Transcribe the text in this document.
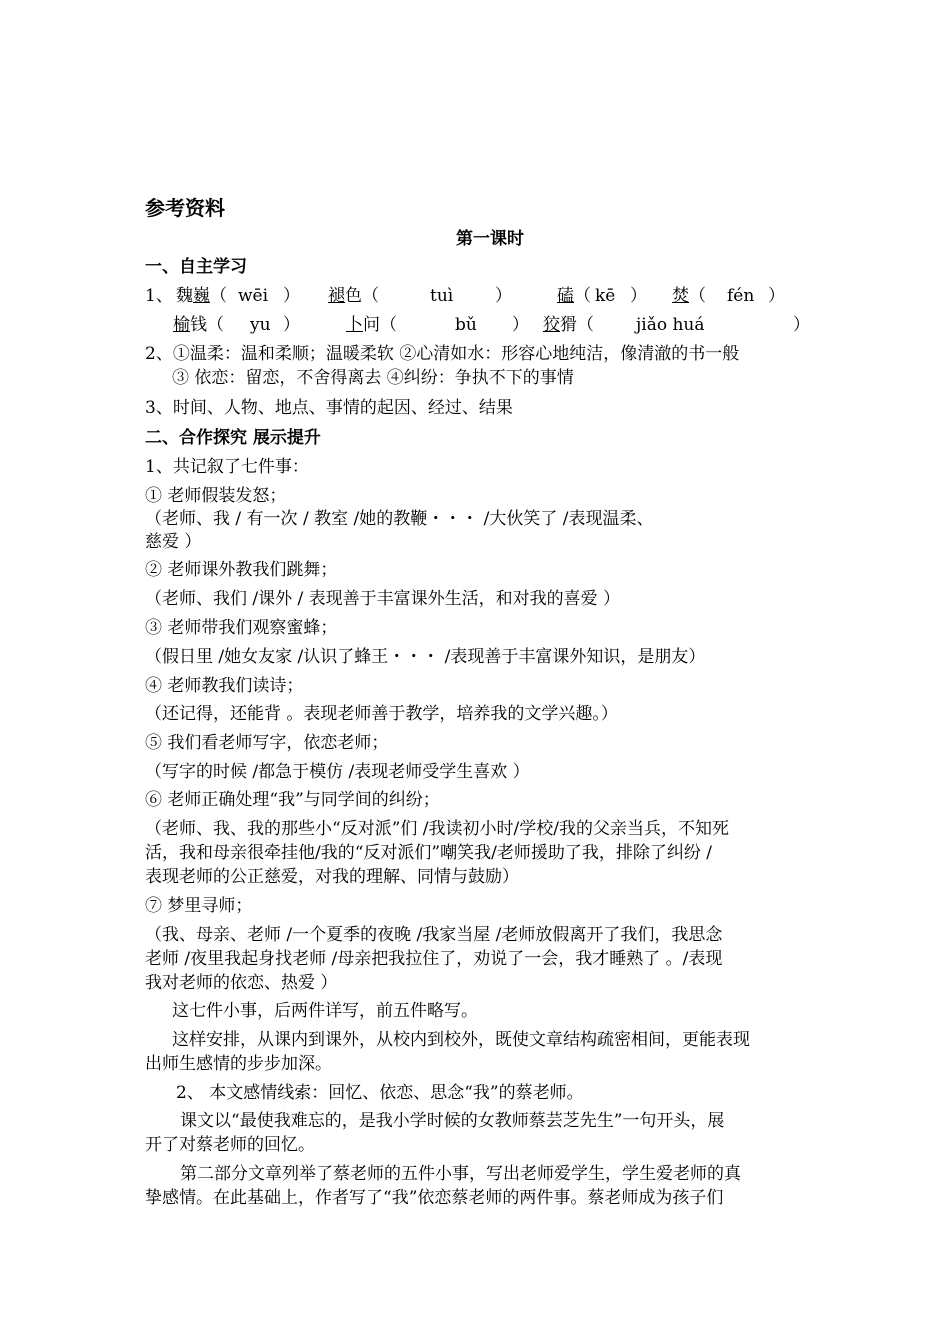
参考资料
第一课时
一、自主学习
1、 魏巍（ wēi ） 褪色（	tuì ）	磕（ kē ） 焚（ fén ）
榆钱（ yu ）	卜问（	bǔ ） 狡猾（ jiǎo huá	）
2、①温柔：温和柔顺；温暖柔软 ②心清如水：形容心地纯洁，像清澈的书一般
③ 依恋：留恋，不舍得离去 ④纠纷：争执不下的事情
3、时间、人物、地点、事情的起因、经过、结果
二、合作探究 展示提升
1、共记叙了七件事：
① 老师假装发怒；
（老师、我 / 有一次 / 教室 /她的教鞭・・・ /大伙笑了 /表现温柔、
慈爱 ）
② 老师课外教我们跳舞；
（老师、我们 /课外 / 表现善于丰富课外生活，和对我的喜爱 ）
③ 老师带我们观察蜜蜂；
（假日里 /她女友家 /认识了蜂王・・・ /表现善于丰富课外知识，是朋友）
④ 老师教我们读诗；
（还记得，还能背 。表现老师善于教学，培养我的文学兴趣。）
⑤ 我们看老师写字，依恋老师；
（写字的时候 /都急于模仿 /表现老师受学生喜欢 ）
⑥ 老师正确处理“我”与同学间的纠纷；
（老师、我、我的那些小“反对派”们 /我读初小时/学校/我的父亲当兵，不知死
活，我和母亲很牵挂他/我的“反对派们”嘲笑我/老师援助了我，排除了纠纷 /
表现老师的公正慈爱，对我的理解、同情与鼓励）
⑦ 梦里寻师；
（我、母亲、老师 /一个夏季的夜晚 /我家当屋 /老师放假离开了我们，我思念
老师 /夜里我起身找老师 /母亲把我拉住了，劝说了一会，我才睡熟了 。/表现
我对老师的依恋、热爱 ）
这七件小事，后两件详写，前五件略写。
这样安排，从课内到课外，从校内到校外，既使文章结构疏密相间，更能表现
出师生感情的步步加深。
2、 本文感情线索：回忆、依恋、思念“我”的蔡老师。
课文以“最使我难忘的，是我小学时候的女教师蔡芸芝先生”一句开头，展
开了对蔡老师的回忆。
第二部分文章列举了蔡老师的五件小事，写出老师爱学生，学生爱老师的真
挚感情。在此基础上，作者写了“我”依恋蔡老师的两件事。蔡老师成为孩子们
